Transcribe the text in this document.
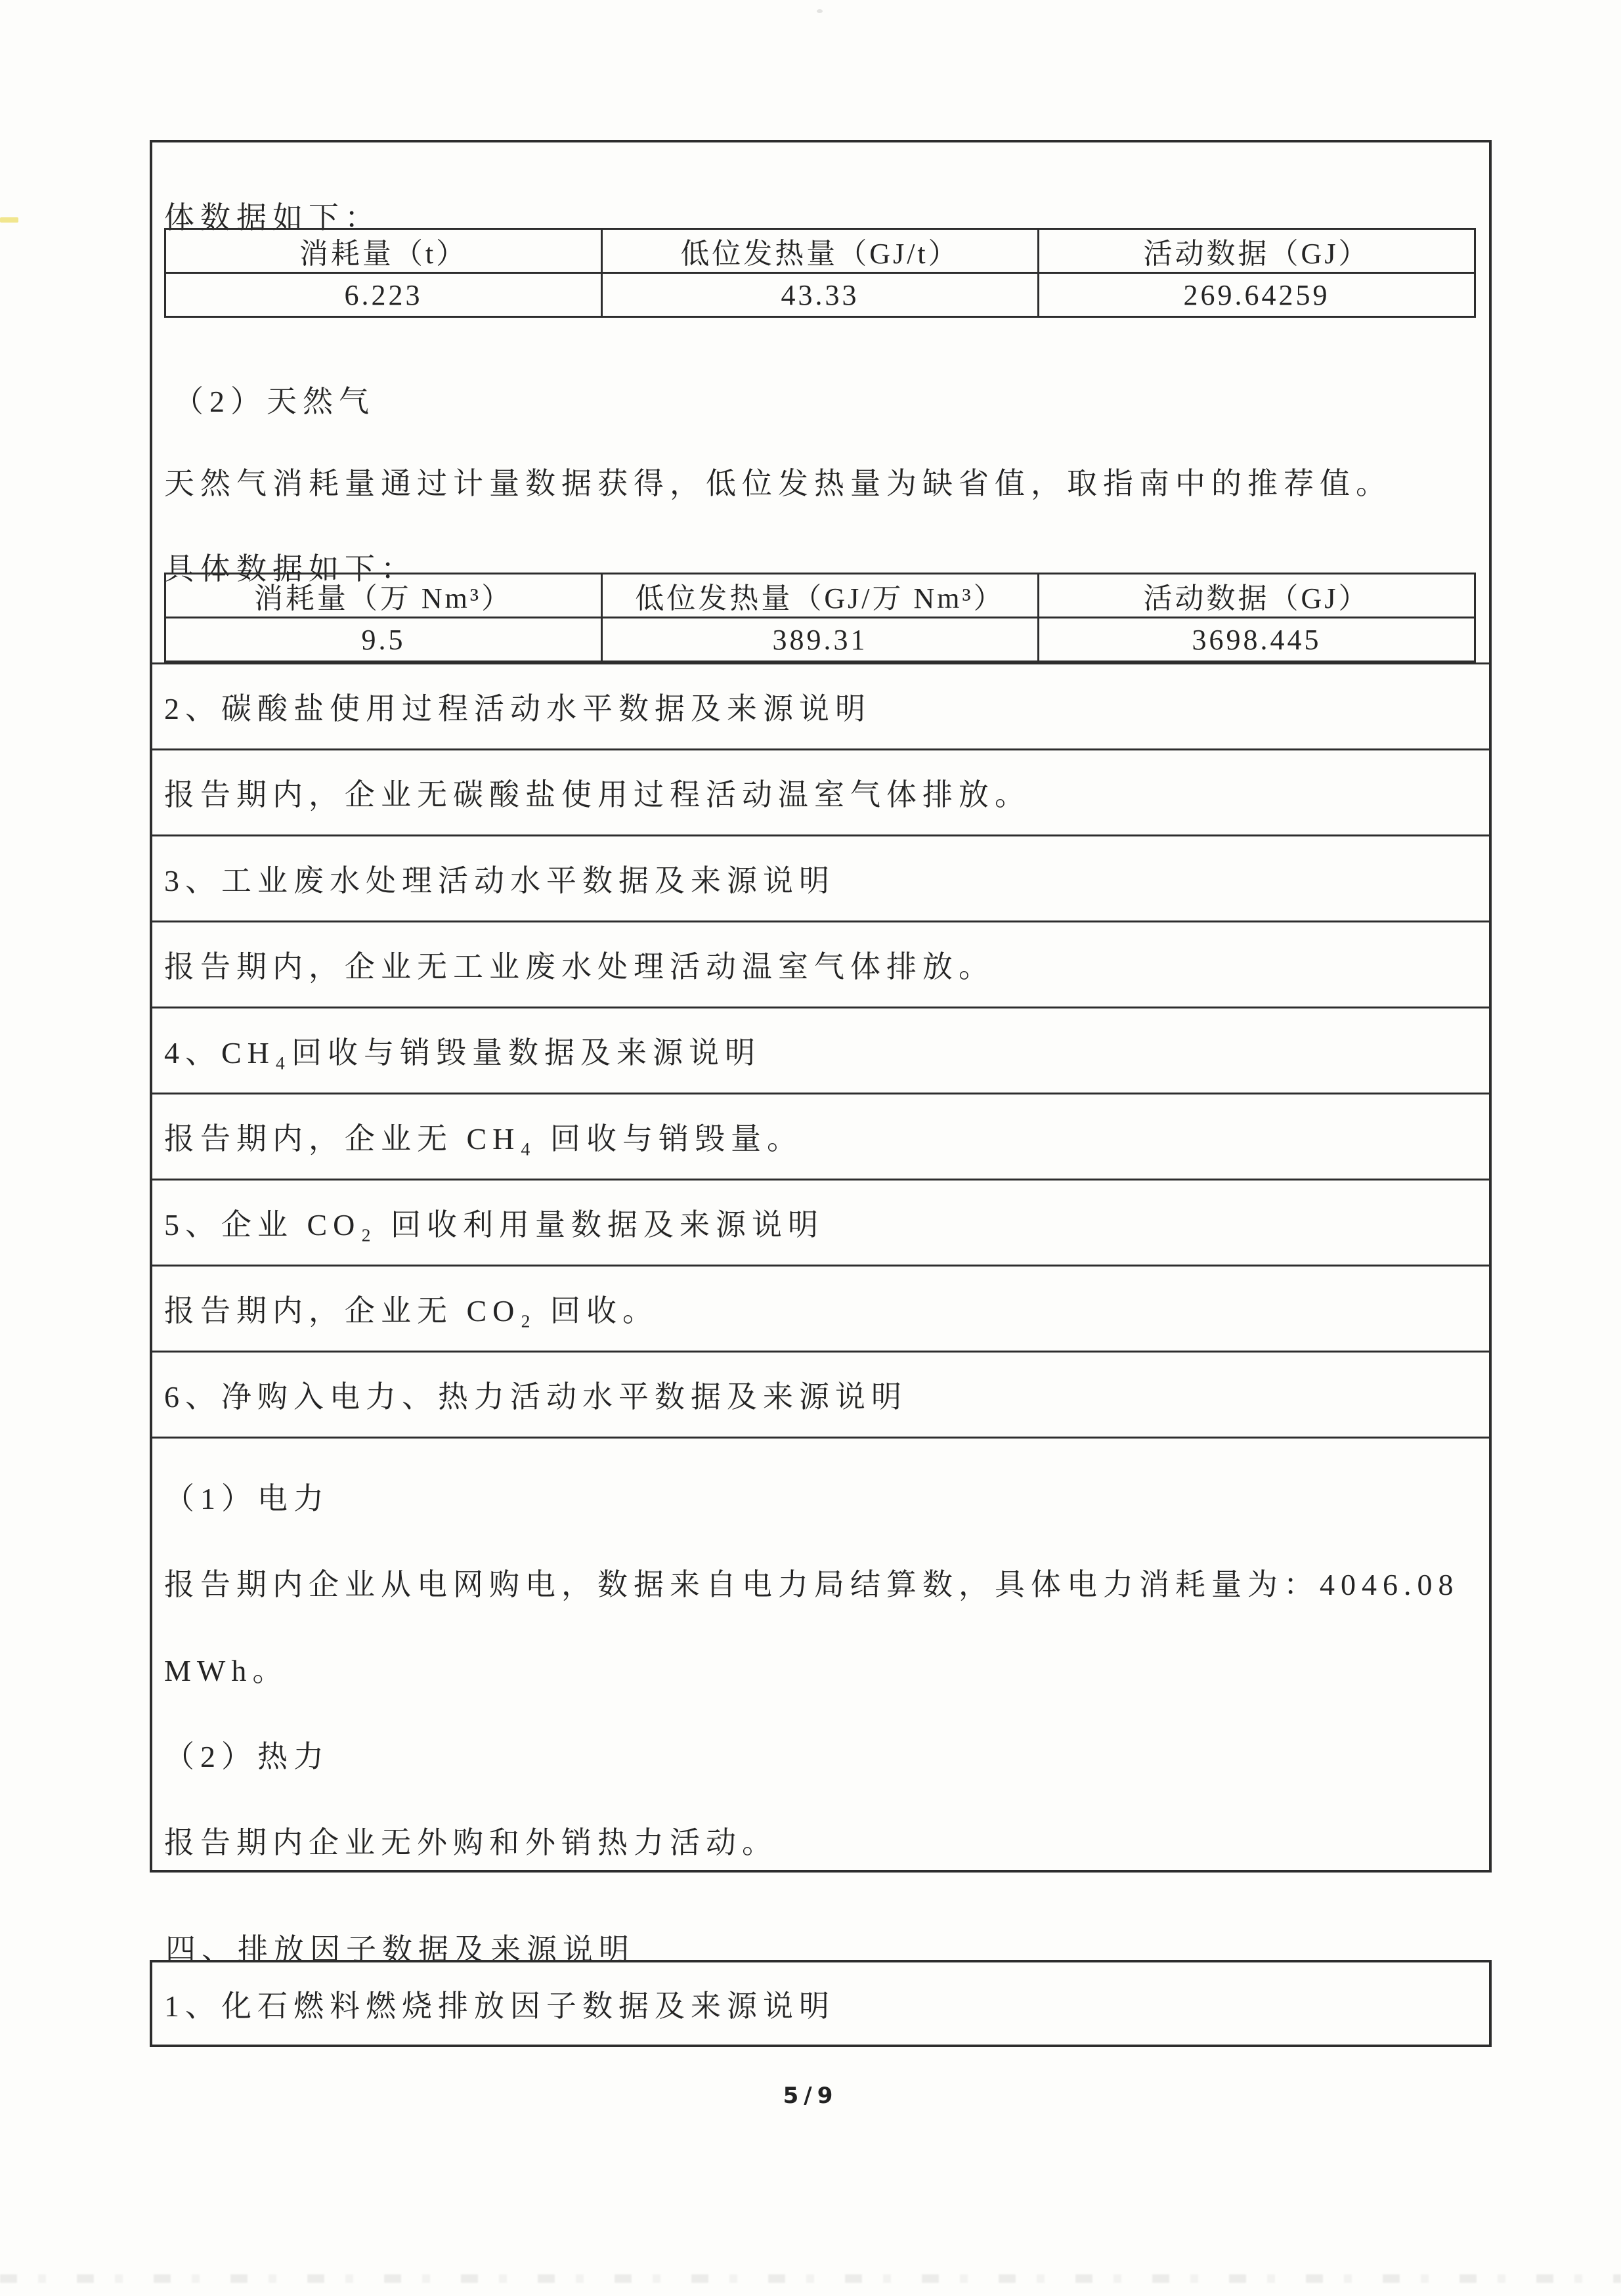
体数据如下：

消耗量（t）	低位发热量（GJ/t）	活动数据（GJ）
6.223	43.33	269.64259

（2）天然气

天然气消耗量通过计量数据获得，低位发热量为缺省值，取指南中的推荐值。

具体数据如下：

消耗量（万 Nm³）	低位发热量（GJ/万 Nm³）	活动数据（GJ）
9.5	389.31	3698.445
2、碳酸盐使用过程活动水平数据及来源说明
报告期内，企业无碳酸盐使用过程活动温室气体排放。
3、工业废水处理活动水平数据及来源说明
报告期内，企业无工业废水处理活动温室气体排放。
4、CH₄回收与销毁量数据及来源说明
报告期内，企业无 CH₄ 回收与销毁量。
5、企业 CO₂ 回收利用量数据及来源说明
报告期内，企业无 CO₂ 回收。
6、净购入电力、热力活动水平数据及来源说明
（1）电力
报告期内企业从电网购电，数据来自电力局结算数，具体电力消耗量为：4046.08
MWh。
（2）热力
报告期内企业无外购和外销热力活动。

四、排放因子数据及来源说明

1、化石燃料燃烧排放因子数据及来源说明
5/9
